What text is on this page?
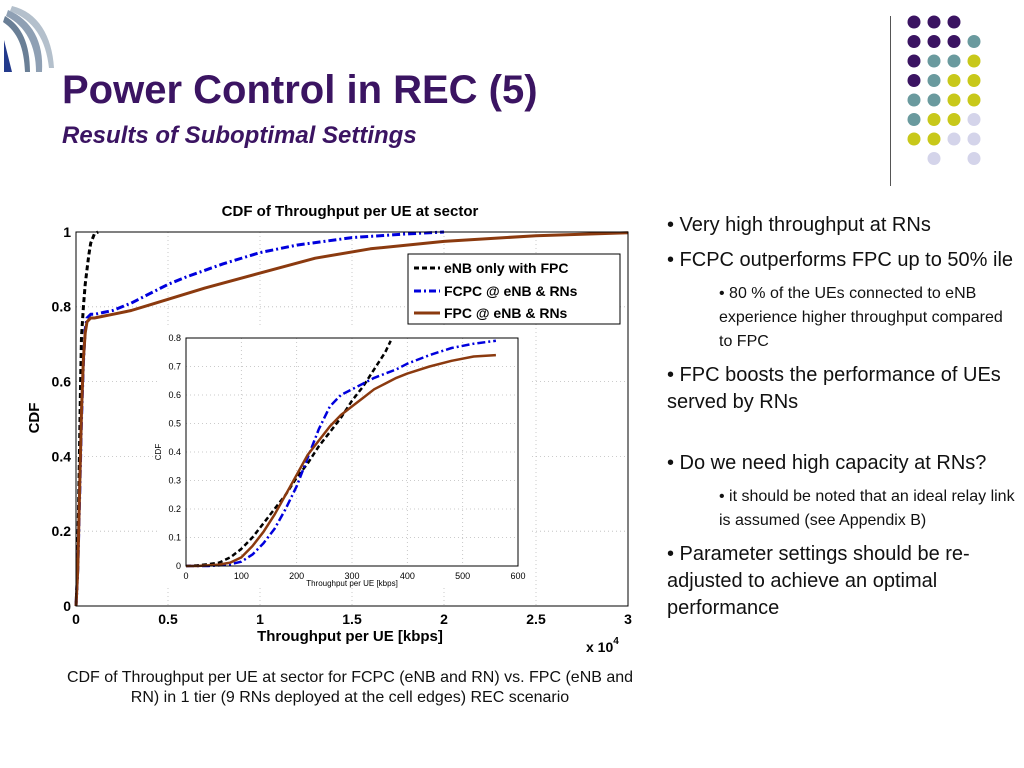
Power Control in REC (5)
Results of Suboptimal Settings
CDF of Throughput per UE at sector
CDF
Throughput per UE [kbps]
x $10^4$
0	0.5	1	1.5	2	2.5	3
0
0.2
0.4
0.6
0.8
1
eNB only with FPC
FCPC @ eNB & RNs
FPC @ eNB & RNs
CDF
Throughput per UE [kbps]
0	100	200	300	400	500	600
0
0.1
0.2
0.3
0.4
0.5
0.6
0.7
0.8
CDF of Throughput per UE at sector for FCPC (eNB and RN) vs. FPC (eNB and RN) in 1 tier (9 RNs deployed at the cell edges) REC scenario
• Very high throughput at RNs
• FCPC outperforms FPC up to 50% ile
• 80 % of the UEs connected to eNB experience higher throughput compared to FPC
• FPC boosts the performance of UEs served by RNs
• Do we need high capacity at RNs?
• it should be noted that an ideal relay link is assumed (see Appendix B)
• Parameter settings should be re-adjusted to achieve an optimal performance
